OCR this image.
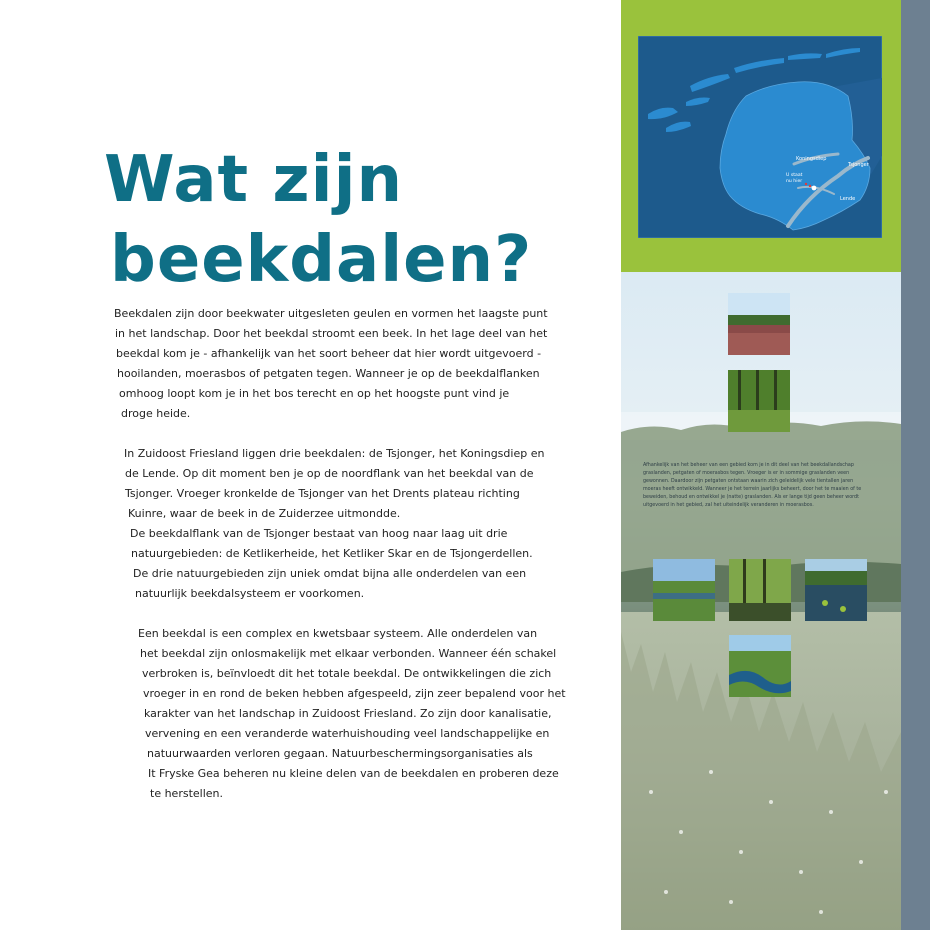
Wat zijn
beekdalen?
Beekdalen zijn door beekwater uitgesleten geulen en vormen het laagste punt
in het landschap. Door het beekdal stroomt een beek. In het lage deel van het
beekdal kom je - afhankelijk van het soort beheer dat hier wordt uitgevoerd -
hooilanden, moerasbos of petgaten tegen. Wanneer je op de beekdalflanken
omhoog loopt kom je in het bos terecht en op het hoogste punt vind je
droge heide.
In Zuidoost Friesland liggen drie beekdalen: de Tsjonger, het Koningsdiep en
de Lende. Op dit moment ben je op de noordflank van het beekdal van de
Tsjonger. Vroeger kronkelde de Tsjonger van het Drents plateau richting
Kuinre, waar de beek in de Zuiderzee uitmondde.
De beekdalflank van de Tsjonger bestaat van hoog naar laag uit drie
natuurgebieden: de Ketlikerheide, het Ketliker Skar en de Tsjongerdellen.
De drie natuurgebieden zijn uniek omdat bijna alle onderdelen van een
natuurlijk beekdalsysteem er voorkomen.
Een beekdal is een complex en kwetsbaar systeem. Alle onderdelen van
het beekdal zijn onlosmakelijk met elkaar verbonden. Wanneer één schakel
verbroken is, beïnvloedt dit het totale beekdal. De ontwikkelingen die zich
vroeger in en rond de beken hebben afgespeeld, zijn zeer bepalend voor het
karakter van het landschap in Zuidoost Friesland. Zo zijn door kanalisatie,
vervening en een veranderde waterhuishouding veel landschappelijke en
natuurwaarden verloren gegaan. Natuurbeschermingsorganisaties als
It Fryske Gea beheren nu kleine delen van de beekdalen en proberen deze
te herstellen.
Koningsdiep
Tsjonger
Lende
U staat
nu hier
Afhankelijk van het beheer van een gebied kom je in dit deel van het beekdallandschap
graslanden, petgaten of moerasbos tegen. Vroeger is er in sommige graslanden veen
gewonnen. Daardoor zijn petgaten ontstaan waarin zich geleidelijk vele tientallen jaren
moeras heeft ontwikkeld. Wanneer je het terrein jaarlijks beheert, door het te maaien of te
beweiden, behoud en ontwikkel je (natte) graslanden. Als er lange tijd geen beheer wordt
uitgevoerd in het gebied, zal het uiteindelijk veranderen in moerasbos.
